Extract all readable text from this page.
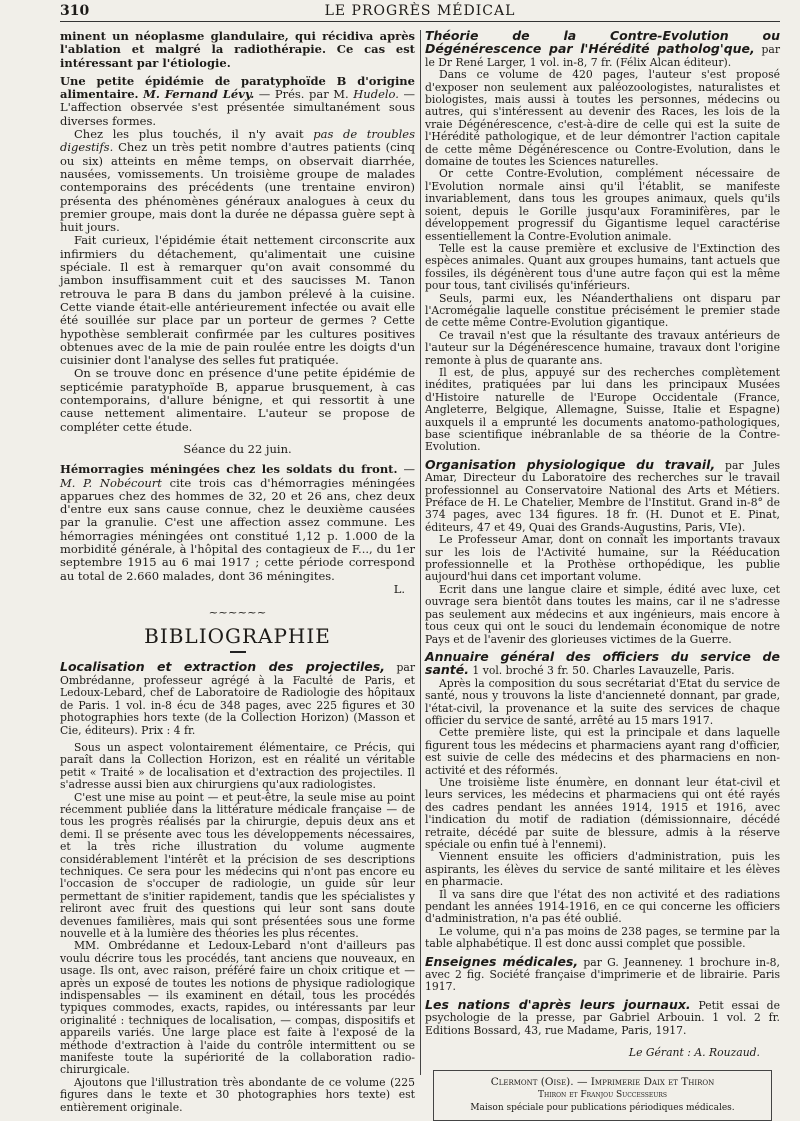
310	LE PROGRÈS MÉDICAL

minent un néoplasme glandulaire, qui récidiva après l'ablation et malgré la radiothérapie. Ce cas est intéressant par l'étiologie.

Une petite épidémie de paratyphoïde B d'origine alimentaire. M. Fernand Lévy. — Prés. par M. Hudelo. — L'affection observée s'est présentée simultanément sous diverses formes.

Chez les plus touchés, il n'y avait pas de troubles digestifs. Chez un très petit nombre d'autres patients (cinq ou six) atteints en même temps, on observait diarrhée, nausées, vomissements. Un troisième groupe de malades contemporains des précédents (une trentaine environ) présenta des phénomènes généraux analogues à ceux du premier groupe, mais dont la durée ne dépassa guère sept à huit jours.

Fait curieux, l'épidémie était nettement circonscrite aux infirmiers du détachement, qu'alimentait une cuisine spéciale. Il est à remarquer qu'on avait consommé du jambon insuffisamment cuit et des saucisses M. Tanon retrouva le para B dans du jambon prélevé à la cuisine. Cette viande était-elle antérieurement infectée ou avait elle été souillée sur place par un porteur de germes ? Cette hypothèse semblerait confirmée par les cultures positives obtenues avec de la mie de pain roulée entre les doigts d'un cuisinier dont l'analyse des selles fut pratiquée.

On se trouve donc en présence d'une petite épidémie de septicémie paratyphoïde B, apparue brusquement, à cas contemporains, d'allure bénigne, et qui ressortit à une cause nettement alimentaire. L'auteur se propose de compléter cette étude.

Séance du 22 juin.

Hémorragies méningées chez les soldats du front. — M. P. Nobécourt cite trois cas d'hémorragies méningées apparues chez des hommes de 32, 20 et 26 ans, chez deux d'entre eux sans cause connue, chez le deuxième causées par la granulie. C'est une affection assez commune. Les hémorragies méningées ont constitué 1,12 p. 1.000 de la morbidité générale, à l'hôpital des contagieux de F..., du 1er septembre 1915 au 6 mai 1917 ; cette période correspond au total de 2.660 malades, dont 36 méningites.

L.

~~~~~~
BIBLIOGRAPHIE

Localisation et extraction des projectiles, par Ombrédanne, professeur agrégé à la Faculté de Paris, et Ledoux-Lebard, chef de Laboratoire de Radiologie des hôpitaux de Paris. 1 vol. in-8 écu de 348 pages, avec 225 figures et 30 photographies hors texte (de la Collection Horizon) (Masson et Cie, éditeurs). Prix : 4 fr.

Sous un aspect volontairement élémentaire, ce Précis, qui paraît dans la Collection Horizon, est en réalité un véritable petit « Traité » de localisation et d'extraction des projectiles. Il s'adresse aussi bien aux chirurgiens qu'aux radiologistes.

C'est une mise au point — et peut-être, la seule mise au point récemment publiée dans la littérature médicale française — de tous les progrès réalisés par la chirurgie, depuis deux ans et demi. Il se présente avec tous les développements nécessaires, et la très riche illustration du volume augmente considérablement l'intérêt et la précision de ses descriptions techniques. Ce sera pour les médecins qui n'ont pas encore eu l'occasion de s'occuper de radiologie, un guide sûr leur permettant de s'initier rapidement, tandis que les spécialistes y reliront avec fruit des questions qui leur sont sans doute devenues familières, mais qui sont présentées sous une forme nouvelle et à la lumière des théories les plus récentes.

MM. Ombrédanne et Ledoux-Lebard n'ont d'ailleurs pas voulu décrire tous les procédés, tant anciens que nouveaux, en usage. Ils ont, avec raison, préféré faire un choix critique et — après un exposé de toutes les notions de physique radiologique indispensables — ils examinent en détail, tous les procédés typiques commodes, exacts, rapides, ou intéressants par leur originalité : techniques de localisation, — compas, dispositifs et appareils variés. Une large place est faite à l'exposé de la méthode d'extraction à l'aide du contrôle intermittent ou se manifeste toute la supériorité de la collaboration radio-chirurgicale.

Ajoutons que l'illustration très abondante de ce volume (225 figures dans le texte et 30 photographies hors texte) est entièrement originale.

Théorie de la Contre-Evolution ou Dégénérescence par l'Hérédité patholog'que, par le Dr René Larger, 1 vol. in-8, 7 fr. (Félix Alcan éditeur).

Dans ce volume de 420 pages, l'auteur s'est proposé d'exposer non seulement aux paléozoologistes, naturalistes et biologistes, mais aussi à toutes les personnes, médecins ou autres, qui s'intéressent au devenir des Races, les lois de la vraie Dégénérescence, c'est-à-dire de celle qui est la suite de l'Hérédité pathologique, et de leur démontrer l'action capitale de cette même Dégénérescence ou Contre-Evolution, dans le domaine de toutes les Sciences naturelles.

Or cette Contre-Evolution, complément nécessaire de l'Evolution normale ainsi qu'il l'établit, se manifeste invariablement, dans tous les groupes animaux, quels qu'ils soient, depuis le Gorille jusqu'aux Foraminifères, par le développement progressif du Gigantisme lequel caractérise essentiellement la Contre-Evolution animale.

Telle est la cause première et exclusive de l'Extinction des espèces animales. Quant aux groupes humains, tant actuels que fossiles, ils dégénèrent tous d'une autre façon qui est la même pour tous, tant civilisés qu'inférieurs.

Seuls, parmi eux, les Néanderthaliens ont disparu par l'Acromégalie laquelle constitue précisément le premier stade de cette même Contre-Evolution gigantique.

Ce travail n'est que la résultante des travaux antérieurs de l'auteur sur la Dégénérescence humaine, travaux dont l'origine remonte à plus de quarante ans.

Il est, de plus, appuyé sur des recherches complètement inédites, pratiquées par lui dans les principaux Musées d'Histoire naturelle de l'Europe Occidentale (France, Angleterre, Belgique, Allemagne, Suisse, Italie et Espagne) auxquels il a emprunté les documents anatomo-pathologiques, base scientifique inébranlable de sa théorie de la Contre-Evolution.

Organisation physiologique du travail, par Jules Amar, Directeur du Laboratoire des recherches sur le travail professionnel au Conservatoire National des Arts et Métiers. Préface de H. Le Chatelier, Membre de l'Institut. Grand in-8° de 374 pages, avec 134 figures. 18 fr. (H. Dunot et E. Pinat, éditeurs, 47 et 49, Quai des Grands-Augustins, Paris, VIe).

Le Professeur Amar, dont on connaît les importants travaux sur les lois de l'Activité humaine, sur la Rééducation professionnelle et la Prothèse orthopédique, les publie aujourd'hui dans cet important volume.

Ecrit dans une langue claire et simple, édité avec luxe, cet ouvrage sera bientôt dans toutes les mains, car il ne s'adresse pas seulement aux médecins et aux ingénieurs, mais encore à tous ceux qui ont le souci du lendemain économique de notre Pays et de l'avenir des glorieuses victimes de la Guerre.

Annuaire général des officiers du service de santé. 1 vol. broché 3 fr. 50. Charles Lavauzelle, Paris.

Après la composition du sous secrétariat d'Etat du service de santé, nous y trouvons la liste d'ancienneté donnant, par grade, l'état-civil, la provenance et la suite des services de chaque officier du service de santé, arrêté au 15 mars 1917.

Cette première liste, qui est la principale et dans laquelle figurent tous les médecins et pharmaciens ayant rang d'officier, est suivie de celle des médecins et des pharmaciens en non-activité et des réformés.

Une troisième liste énumère, en donnant leur état-civil et leurs services, les médecins et pharmaciens qui ont été rayés des cadres pendant les années 1914, 1915 et 1916, avec l'indication du motif de radiation (démissionnaire, décédé retraite, décédé par suite de blessure, admis à la réserve spéciale ou enfin tué à l'ennemi).

Viennent ensuite les officiers d'administration, puis les aspirants, les élèves du service de santé militaire et les élèves en pharmacie.

Il va sans dire que l'état des non activité et des radiations pendant les années 1914-1916, en ce qui concerne les officiers d'administration, n'a pas été oublié.

Le volume, qui n'a pas moins de 238 pages, se termine par la table alphabétique. Il est donc aussi complet que possible.

Enseignes médicales, par G. Jeanneney. 1 brochure in-8, avec 2 fig. Société française d'imprimerie et de librairie. Paris 1917.

Les nations d'après leurs journaux. Petit essai de psychologie de la presse, par Gabriel Arbouin. 1 vol. 2 fr. Editions Bossard, 43, rue Madame, Paris, 1917.

Le Gérant : A. Rouzaud.

Clermont (Oise). — Imprimerie Daix et Thiron
Thiron et Franjou Successeurs
Maison spéciale pour publications périodiques médicales.
